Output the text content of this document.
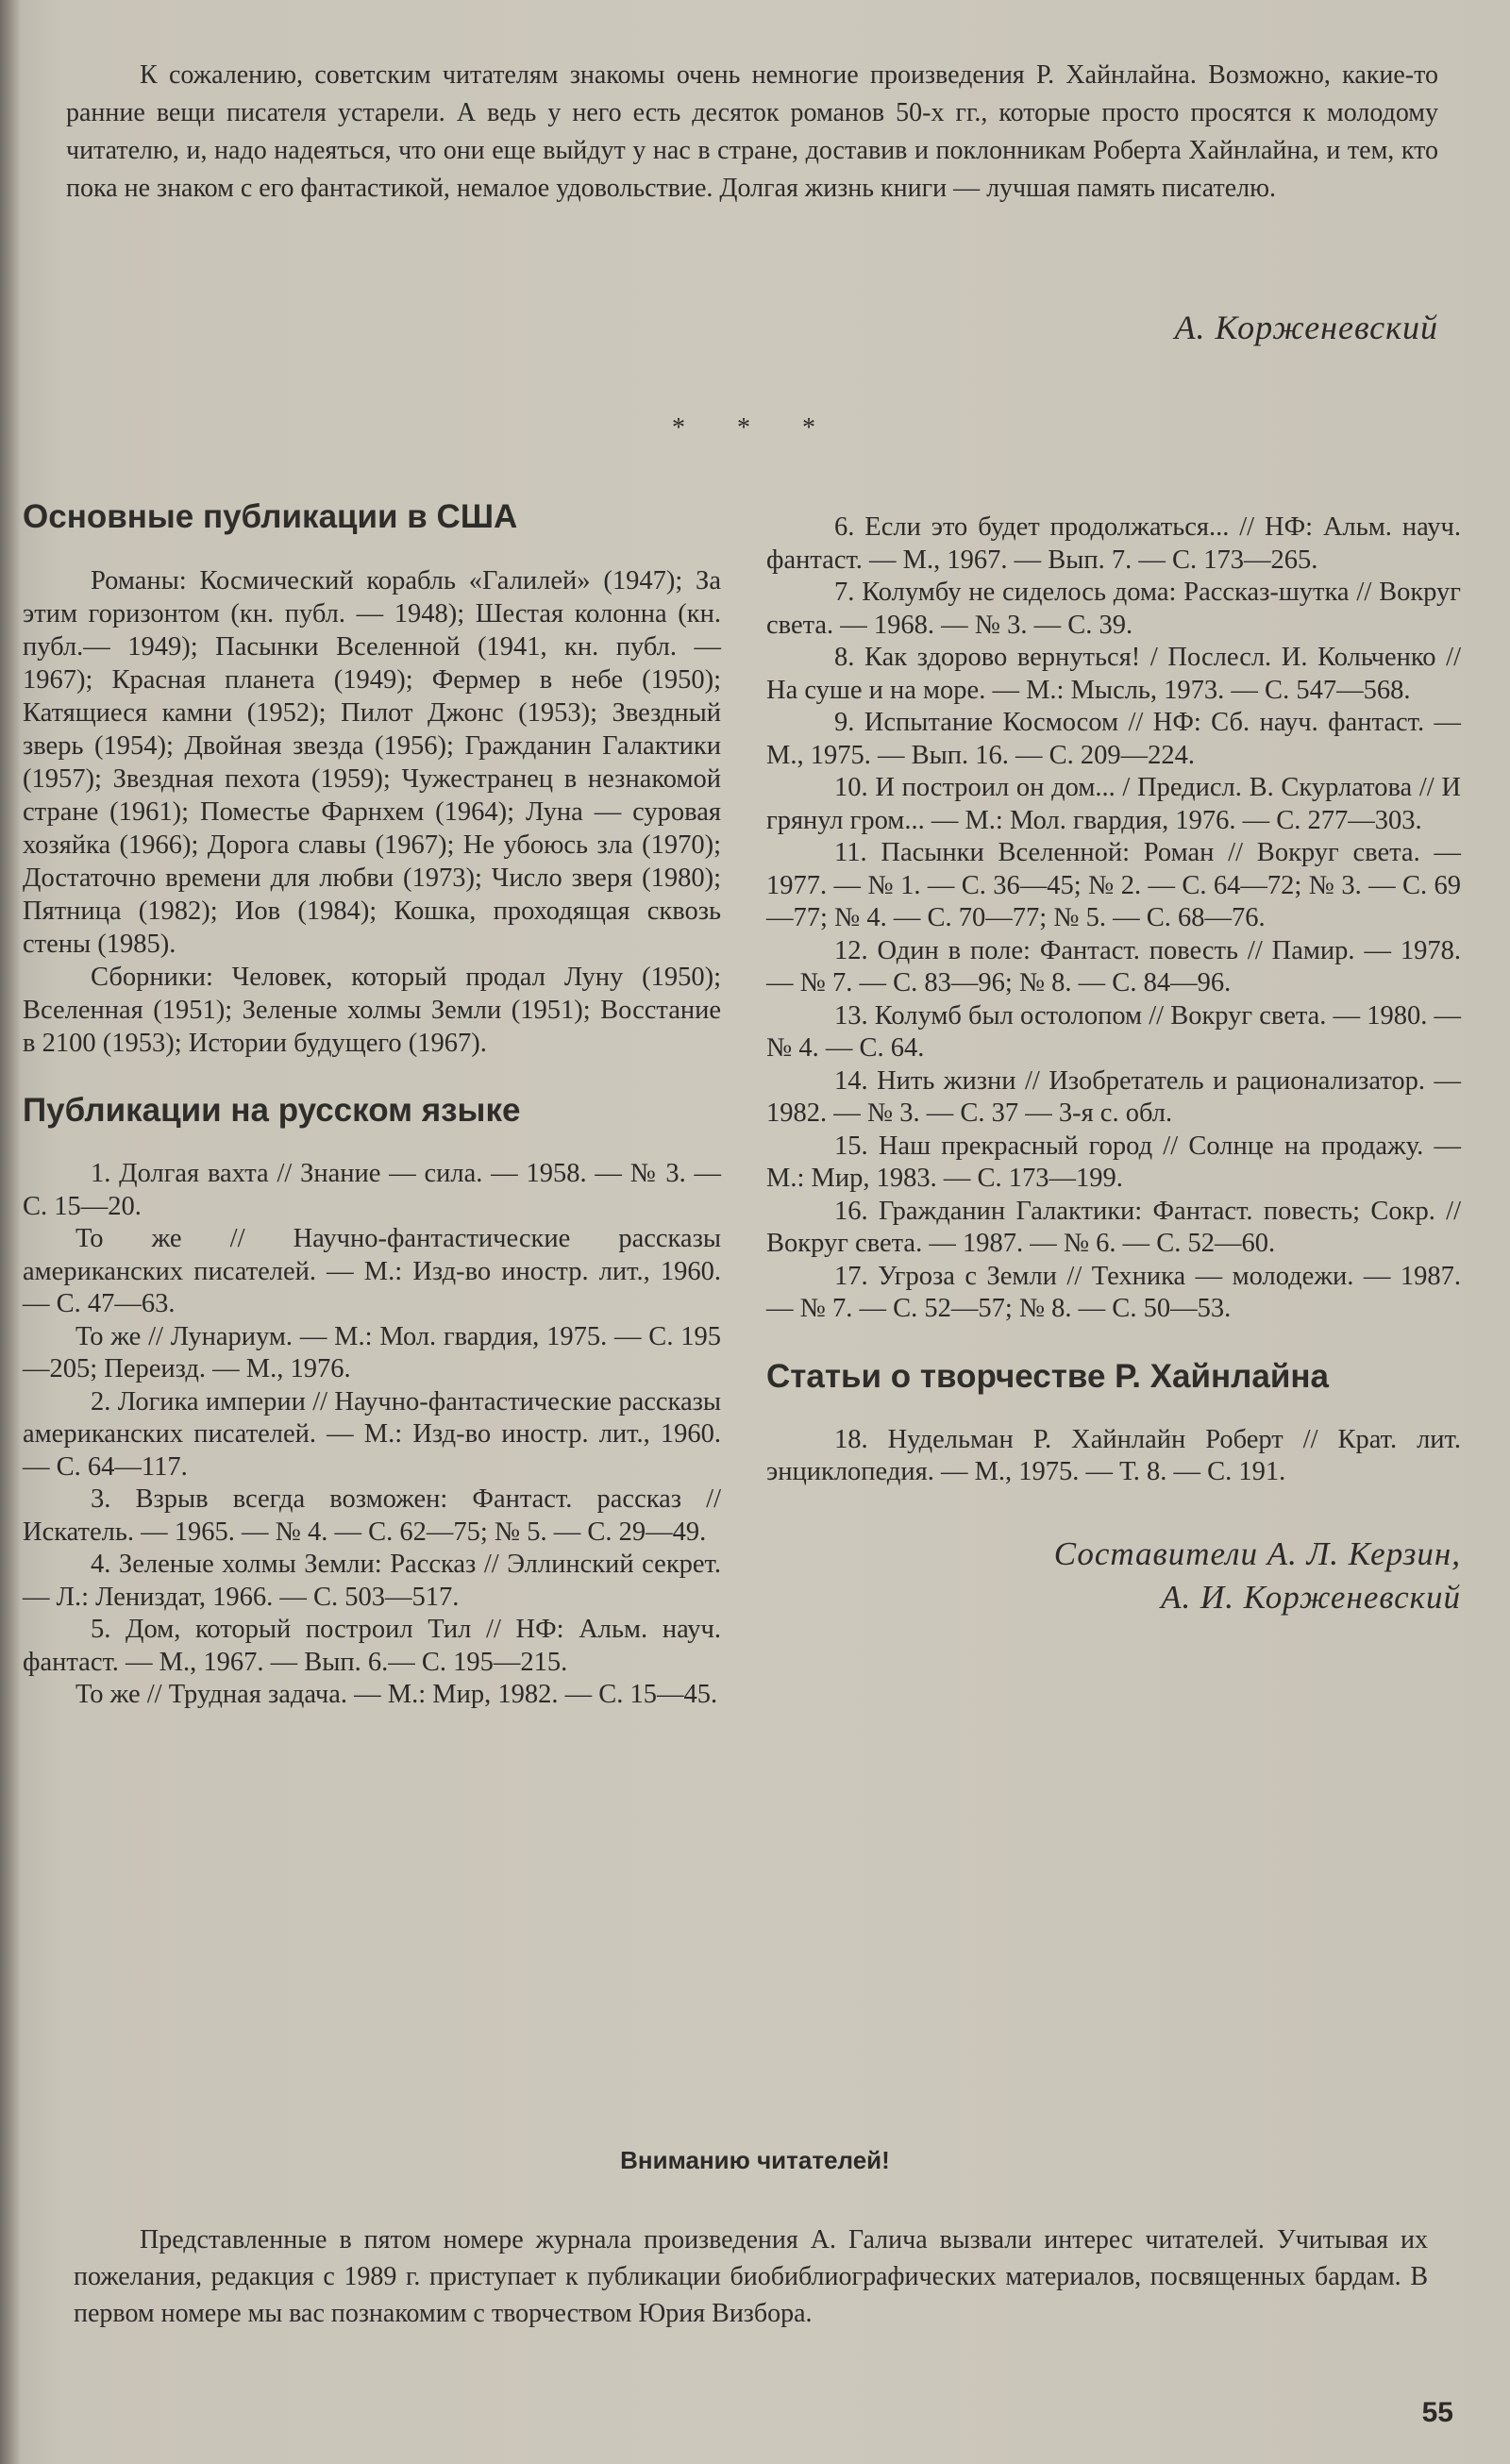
К сожалению, советским читателям знакомы очень немногие произведения Р. Хайнлайна. Возможно, какие-то ранние вещи писателя устарели. А ведь у него есть десяток романов 50-х гг., которые просто просятся к молодому читателю, и, надо надеяться, что они еще выйдут у нас в стране, доставив и поклонникам Роберта Хайнлайна, и тем, кто пока не знаком с его фантастикой, немалое удовольствие. Долгая жизнь книги — лучшая память писателю.

А. Корженевский

* * *

Основные публикации в США

Романы: Космический корабль «Галилей» (1947); За этим горизонтом (кн. публ. — 1948); Шестая колонна (кн. публ.— 1949); Пасынки Вселенной (1941, кн. публ. — 1967); Красная планета (1949); Фермер в небе (1950); Катящиеся камни (1952); Пилот Джонс (1953); Звездный зверь (1954); Двойная звезда (1956); Гражданин Галактики (1957); Звездная пехота (1959); Чужестранец в незнакомой стране (1961); Поместье Фарнхем (1964); Луна — суровая хозяйка (1966); Дорога славы (1967); Не убоюсь зла (1970); Достаточно времени для любви (1973); Число зверя (1980); Пятница (1982); Иов (1984); Кошка, проходящая сквозь стены (1985).

Сборники: Человек, который продал Луну (1950); Вселенная (1951); Зеленые холмы Земли (1951); Восстание в 2100 (1953); Истории будущего (1967).

Публикации на русском языке
1. Долгая вахта // Знание — сила. — 1958. — № 3. — С. 15—20.
То же // Научно-фантастические рассказы американских писателей. — М.: Изд-во иностр. лит., 1960. — С. 47—63.
То же // Лунариум. — М.: Мол. гвардия, 1975. — С. 195—205; Переизд. — М., 1976.
2. Логика империи // Научно-фантастические рассказы американских писателей. — М.: Изд-во иностр. лит., 1960. — С. 64—117.
3. Взрыв всегда возможен: Фантаст. рассказ // Искатель. — 1965. — № 4. — С. 62—75; № 5. — С. 29—49.
4. Зеленые холмы Земли: Рассказ // Эллинский секрет. — Л.: Лениздат, 1966. — С. 503—517.
5. Дом, который построил Тил // НФ: Альм. науч. фантаст. — М., 1967. — Вып. 6.— С. 195—215.
То же // Трудная задача. — М.: Мир, 1982. — С. 15—45.
6. Если это будет продолжаться... // НФ: Альм. науч. фантаст. — М., 1967. — Вып. 7. — С. 173—265.
7. Колумбу не сиделось дома: Рассказ-шутка // Вокруг света. — 1968. — № 3. — С. 39.
8. Как здорово вернуться! / Послесл. И. Кольченко // На суше и на море. — М.: Мысль, 1973. — С. 547—568.
9. Испытание Космосом // НФ: Сб. науч. фантаст. — М., 1975. — Вып. 16. — С. 209—224.
10. И построил он дом... / Предисл. В. Скурлатова // И грянул гром... — М.: Мол. гвардия, 1976. — С. 277—303.
11. Пасынки Вселенной: Роман // Вокруг света. — 1977. — № 1. — С. 36—45; № 2. — С. 64—72; № 3. — С. 69—77; № 4. — С. 70—77; № 5. — С. 68—76.
12. Один в поле: Фантаст. повесть // Памир. — 1978. — № 7. — С. 83—96; № 8. — С. 84—96.
13. Колумб был остолопом // Вокруг света. — 1980. — № 4. — С. 64.
14. Нить жизни // Изобретатель и рационализатор. — 1982. — № 3. — С. 37 — 3-я с. обл.
15. Наш прекрасный город // Солнце на продажу. — М.: Мир, 1983. — С. 173—199.
16. Гражданин Галактики: Фантаст. повесть; Сокр. // Вокруг света. — 1987. — № 6. — С. 52—60.
17. Угроза с Земли // Техника — молодежи. — 1987. — № 7. — С. 52—57; № 8. — С. 50—53.
Статьи о творчестве Р. Хайнлайна
18. Нудельман Р. Хайнлайн Роберт // Крат. лит. энциклопедия. — М., 1975. — Т. 8. — С. 191.

Составители А. Л. Керзин,

А. И. Корженевский

Вниманию читателей!

Представленные в пятом номере журнала произведения А. Галича вызвали интерес читателей. Учитывая их пожелания, редакция с 1989 г. приступает к публикации биобиблиографических материалов, посвященных бардам. В первом номере мы вас познакомим с творчеством Юрия Визбора.

55
